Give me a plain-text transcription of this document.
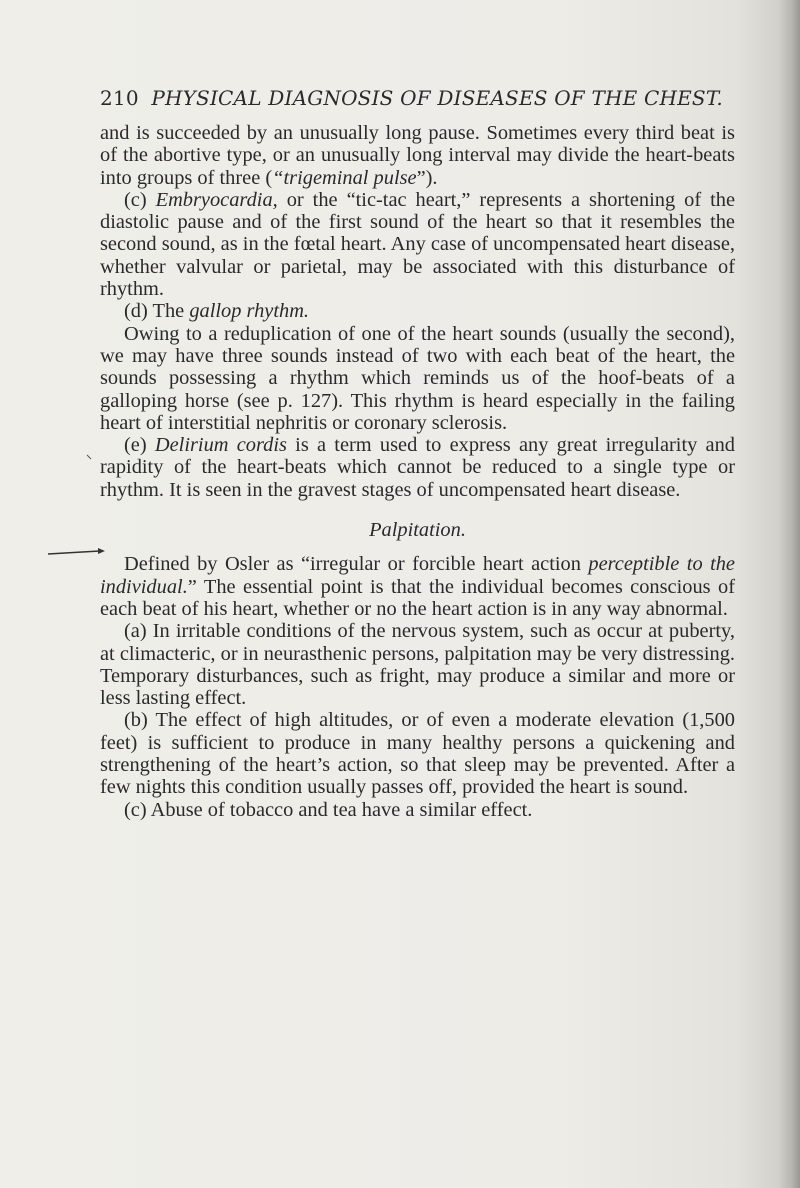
210 PHYSICAL DIAGNOSIS OF DISEASES OF THE CHEST.

and is succeeded by an unusually long pause. Sometimes every third beat is of the abortive type, or an unusually long interval may divide the heart-beats into groups of three (“trigeminal pulse”).

(c) Embryocardia, or the “tic-tac heart,” represents a shortening of the diastolic pause and of the first sound of the heart so that it resembles the second sound, as in the fœtal heart. Any case of uncompensated heart disease, whether valvular or parietal, may be associated with this disturbance of rhythm.

(d) The gallop rhythm.

Owing to a reduplication of one of the heart sounds (usually the second), we may have three sounds instead of two with each beat of the heart, the sounds possessing a rhythm which reminds us of the hoof-beats of a galloping horse (see p. 127). This rhythm is heard especially in the failing heart of interstitial nephritis or coronary sclerosis.

(e) Delirium cordis is a term used to express any great irregularity and rapidity of the heart-beats which cannot be reduced to a single type or rhythm. It is seen in the gravest stages of uncompensated heart disease.

Palpitation.

Defined by Osler as “irregular or forcible heart action perceptible to the individual.” The essential point is that the individual becomes conscious of each beat of his heart, whether or no the heart action is in any way abnormal.

(a) In irritable conditions of the nervous system, such as occur at puberty, at climacteric, or in neurasthenic persons, palpitation may be very distressing. Temporary disturbances, such as fright, may produce a similar and more or less lasting effect.

(b) The effect of high altitudes, or of even a moderate elevation (1,500 feet) is sufficient to produce in many healthy persons a quickening and strengthening of the heart’s action, so that sleep may be prevented. After a few nights this condition usually passes off, provided the heart is sound.

(c) Abuse of tobacco and tea have a similar effect.
